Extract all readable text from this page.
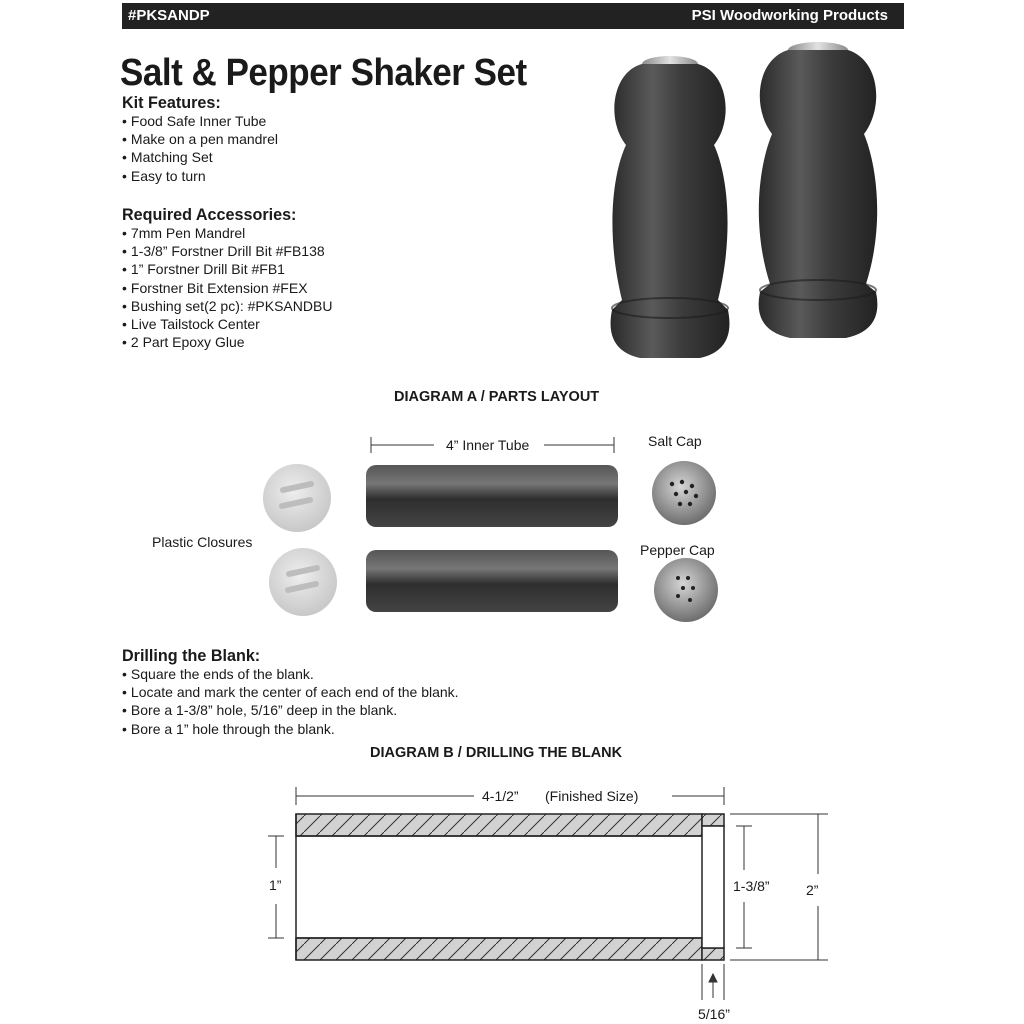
#PKSANDP	PSI Woodworking Products
Salt & Pepper Shaker Set
Kit Features:
• Food Safe Inner Tube
• Make on a pen mandrel
• Matching Set
• Easy to turn
Required Accessories:
• 7mm Pen Mandrel
• 1-3/8” Forstner Drill Bit #FB138
• 1” Forstner Drill Bit #FB1
• Forstner Bit Extension #FEX
• Bushing set(2 pc): #PKSANDBU
• Live Tailstock Center
• 2 Part Epoxy Glue
DIAGRAM A / PARTS LAYOUT
4” Inner Tube	Salt Cap
Pepper Cap
Plastic Closures
Drilling the Blank:
• Square the ends of the blank.
• Locate and mark the center of each end of the blank.
• Bore a 1-3/8” hole, 5/16” deep in the blank.
• Bore a 1” hole through the blank.
DIAGRAM B / DRILLING THE BLANK
4-1/2” (Finished Size)
1”	1-3/8”	2”
5/16”
